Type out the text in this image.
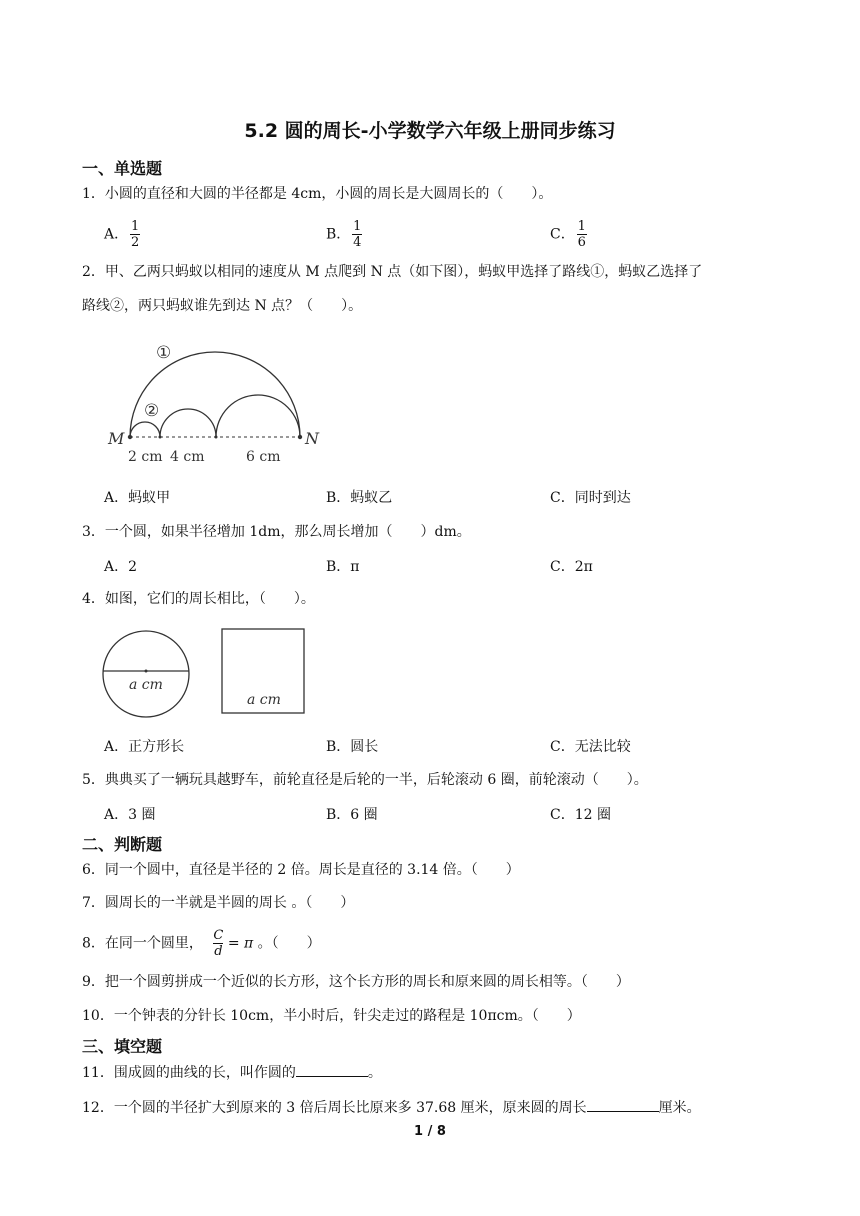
5.2 圆的周长-小学数学六年级上册同步练习
一、单选题
1．小圆的直径和大圆的半径都是 4cm，小圆的周长是大圆周长的（　　）。
A． $\frac{1}{2}$	B． $\frac{1}{4}$	C． $\frac{1}{6}$
2．甲、乙两只蚂蚁以相同的速度从 M 点爬到 N 点（如下图），蚂蚁甲选择了路线①，蚂蚁乙选择了
路线②，两只蚂蚁谁先到达 N 点？（　　）。
①
②
M	N
2 cm 4 cm	6 cm
A．蚂蚁甲	B．蚂蚁乙	C．同时到达
3．一个圆，如果半径增加 1dm，那么周长增加（　　）dm。
A．2	B．π	C．2π
4．如图，它们的周长相比，（　　）。
a cm
a cm
A．正方形长	B．圆长	C．无法比较
5．典典买了一辆玩具越野车，前轮直径是后轮的一半，后轮滚动 6 圈，前轮滚动（　　）。
A．3 圈	B．6 圈	C．12 圈
二、判断题
6．同一个圆中，直径是半径的 2 倍。周长是直径的 3.14 倍。（　　）
7．圆周长的一半就是半圆的周长 。（　　）
8．在同一个圆里， $\frac{C}{d} = \pi$ 。（　　）
9．把一个圆剪拼成一个近似的长方形，这个长方形的周长和原来圆的周长相等。（　　）
10．一个钟表的分针长 10cm，半小时后，针尖走过的路程是 10πcm。（　　）
三、填空题
11．围成圆的曲线的长，叫作圆的	。
12．一个圆的半径扩大到原来的 3 倍后周长比原来多 37.68 厘米，原来圆的周长	厘米。
1 / 8
